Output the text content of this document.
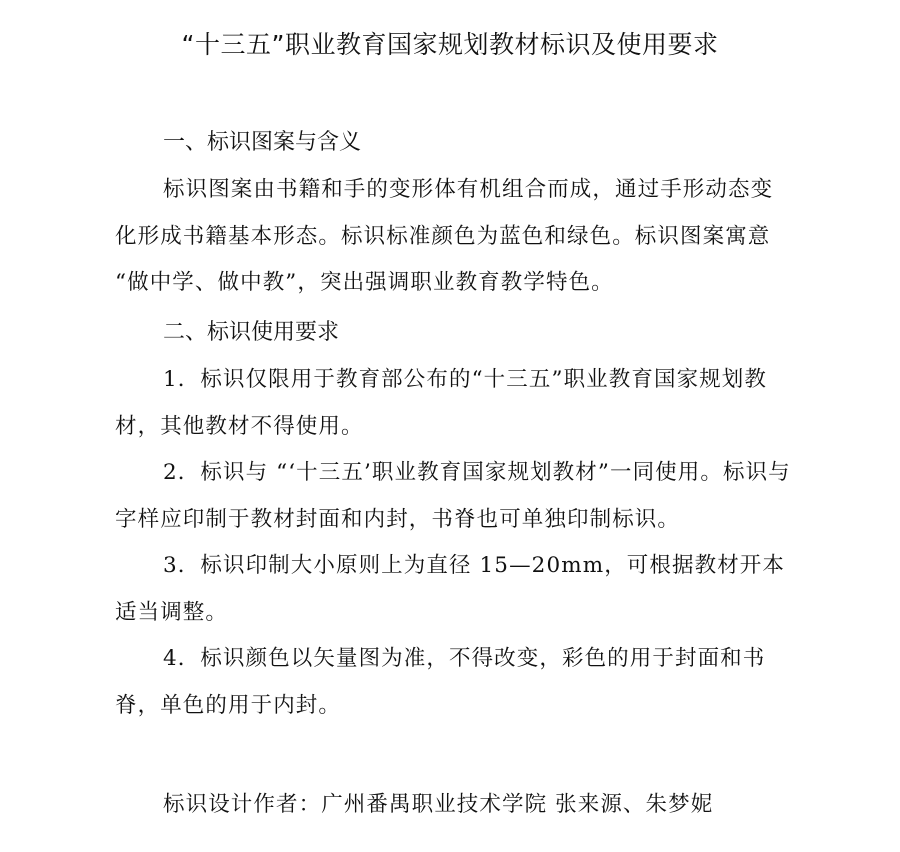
“十三五”职业教育国家规划教材标识及使用要求
一、标识图案与含义

标识图案由书籍和手的变形体有机组合而成，通过手形动态变化形成书籍基本形态。标识标准颜色为蓝色和绿色。标识图案寓意 “做中学、做中教”，突出强调职业教育教学特色。

二、标识使用要求

1．标识仅限用于教育部公布的“十三五”职业教育国家规划教材，其他教材不得使用。

2．标识与 “‘十三五’职业教育国家规划教材”一同使用。标识与字样应印制于教材封面和内封，书脊也可单独印制标识。

3．标识印制大小原则上为直径 15—20mm，可根据教材开本适当调整。

4．标识颜色以矢量图为准，不得改变，彩色的用于封面和书脊，单色的用于内封。

标识设计作者：广州番禺职业技术学院 张来源、朱梦妮
